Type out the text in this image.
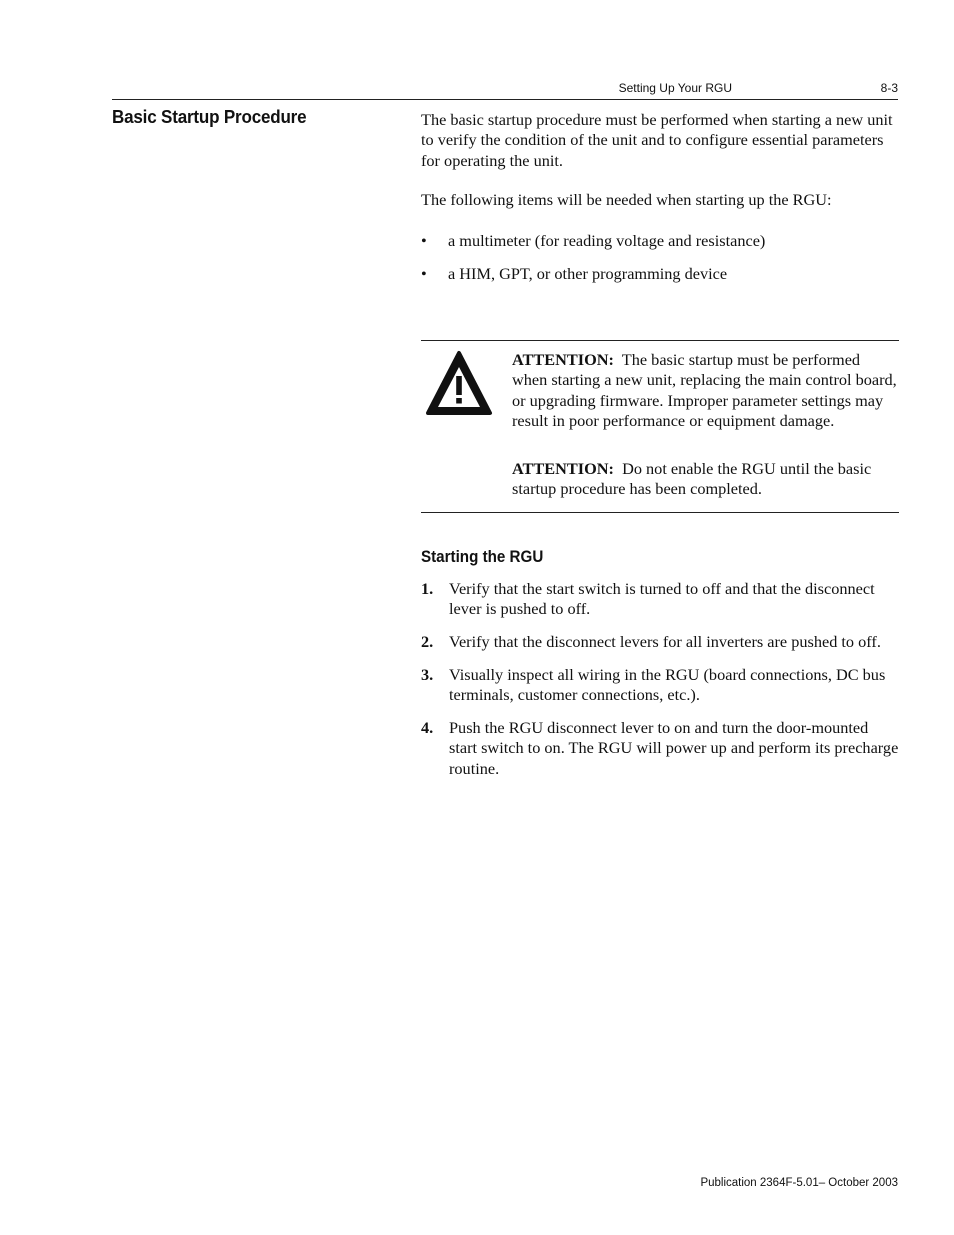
Setting Up Your RGU	8-3
Basic Startup Procedure	The basic startup procedure must be performed when starting a new unit to verify the condition of the unit and to configure essential parameters for operating the unit.

The following items will be needed when starting up the RGU:
• a multimeter (for reading voltage and resistance)
• a HIM, GPT, or other programming device
ATTENTION: The basic startup must be performed when starting a new unit, replacing the main control board, or upgrading firmware. Improper parameter settings may result in poor performance or equipment damage.
ATTENTION: Do not enable the RGU until the basic startup procedure has been completed.
Starting the RGU
1. Verify that the start switch is turned to off and that the disconnect lever is pushed to off.
2. Verify that the disconnect levers for all inverters are pushed to off.
3. Visually inspect all wiring in the RGU (board connections, DC bus terminals, customer connections, etc.).
4. Push the RGU disconnect lever to on and turn the door-mounted start switch to on. The RGU will power up and perform its precharge routine.
Publication 2364F-5.01– October 2003
